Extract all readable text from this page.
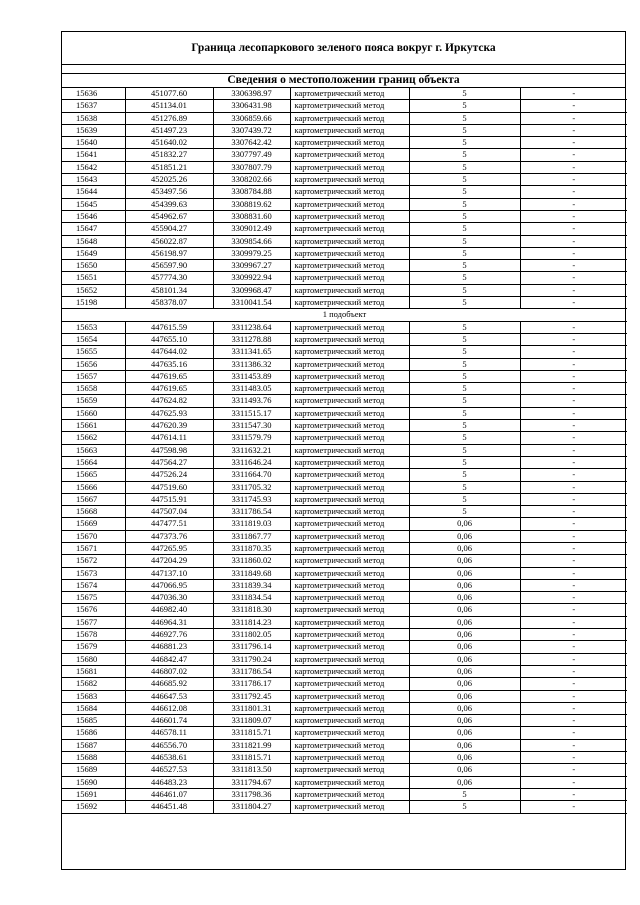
Граница лесопаркового зеленого пояса вокруг г. Иркутска
Сведения о местоположении границ объекта
15636	451077.60	3306398.97	картометрический метод	5	-
15637	451134.01	3306431.98	картометрический метод	5	-
15638	451276.89	3306859.66	картометрический метод	5	-
15639	451497.23	3307439.72	картометрический метод	5	-
15640	451640.02	3307642.42	картометрический метод	5	-
15641	451832.27	3307797.49	картометрический метод	5	-
15642	451851.21	3307807.79	картометрический метод	5	-
15643	452025.26	3308202.66	картометрический метод	5	-
15644	453497.56	3308784.88	картометрический метод	5	-
15645	454399.63	3308819.62	картометрический метод	5	-
15646	454962.67	3308831.60	картометрический метод	5	-
15647	455904.27	3309012.49	картометрический метод	5	-
15648	456022.87	3309854.66	картометрический метод	5	-
15649	456198.97	3309979.25	картометрический метод	5	-
15650	456597.90	3309967.27	картометрический метод	5	-
15651	457774.30	3309922.94	картометрический метод	5	-
15652	458101.34	3309968.47	картометрический метод	5	-
15198	458378.07	3310041.54	картометрический метод	5	-
1 подобъект					
15653	447615.59	3311238.64	картометрический метод	5	-
15654	447655.10	3311278.88	картометрический метод	5	-
15655	447644.02	3311341.65	картометрический метод	5	-
15656	447635.16	3311386.32	картометрический метод	5	-
15657	447619.65	3311453.89	картометрический метод	5	-
15658	447619.65	3311483.05	картометрический метод	5	-
15659	447624.82	3311493.76	картометрический метод	5	-
15660	447625.93	3311515.17	картометрический метод	5	-
15661	447620.39	3311547.30	картометрический метод	5	-
15662	447614.11	3311579.79	картометрический метод	5	-
15663	447598.98	3311632.21	картометрический метод	5	-
15664	447564.27	3311646.24	картометрический метод	5	-
15665	447526.24	3311664.70	картометрический метод	5	-
15666	447519.60	3311705.32	картометрический метод	5	-
15667	447515.91	3311745.93	картометрический метод	5	-
15668	447507.04	3311786.54	картометрический метод	5	-
15669	447477.51	3311819.03	картометрический метод	0,06	-
15670	447373.76	3311867.77	картометрический метод	0,06	-
15671	447265.95	3311870.35	картометрический метод	0,06	-
15672	447204.29	3311860.02	картометрический метод	0,06	-
15673	447137.10	3311849.68	картометрический метод	0,06	-
15674	447066.95	3311839.34	картометрический метод	0,06	-
15675	447036.30	3311834.54	картометрический метод	0,06	-
15676	446982.40	3311818.30	картометрический метод	0,06	-
15677	446964.31	3311814.23	картометрический метод	0,06	-
15678	446927.76	3311802.05	картометрический метод	0,06	-
15679	446881.23	3311796.14	картометрический метод	0,06	-
15680	446842.47	3311790.24	картометрический метод	0,06	-
15681	446807.02	3311786.54	картометрический метод	0,06	-
15682	446685.92	3311786.17	картометрический метод	0,06	-
15683	446647.53	3311792.45	картометрический метод	0,06	-
15684	446612.08	3311801.31	картометрический метод	0,06	-
15685	446601.74	3311809.07	картометрический метод	0,06	-
15686	446578.11	3311815.71	картометрический метод	0,06	-
15687	446556.70	3311821.99	картометрический метод	0,06	-
15688	446538.61	3311815.71	картометрический метод	0,06	-
15689	446527.53	3311813.50	картометрический метод	0,06	-
15690	446483.23	3311794.67	картометрический метод	0,06	-
15691	446461.07	3311798.36	картометрический метод	5	-
15692	446451.48	3311804.27	картометрический метод	5	-
